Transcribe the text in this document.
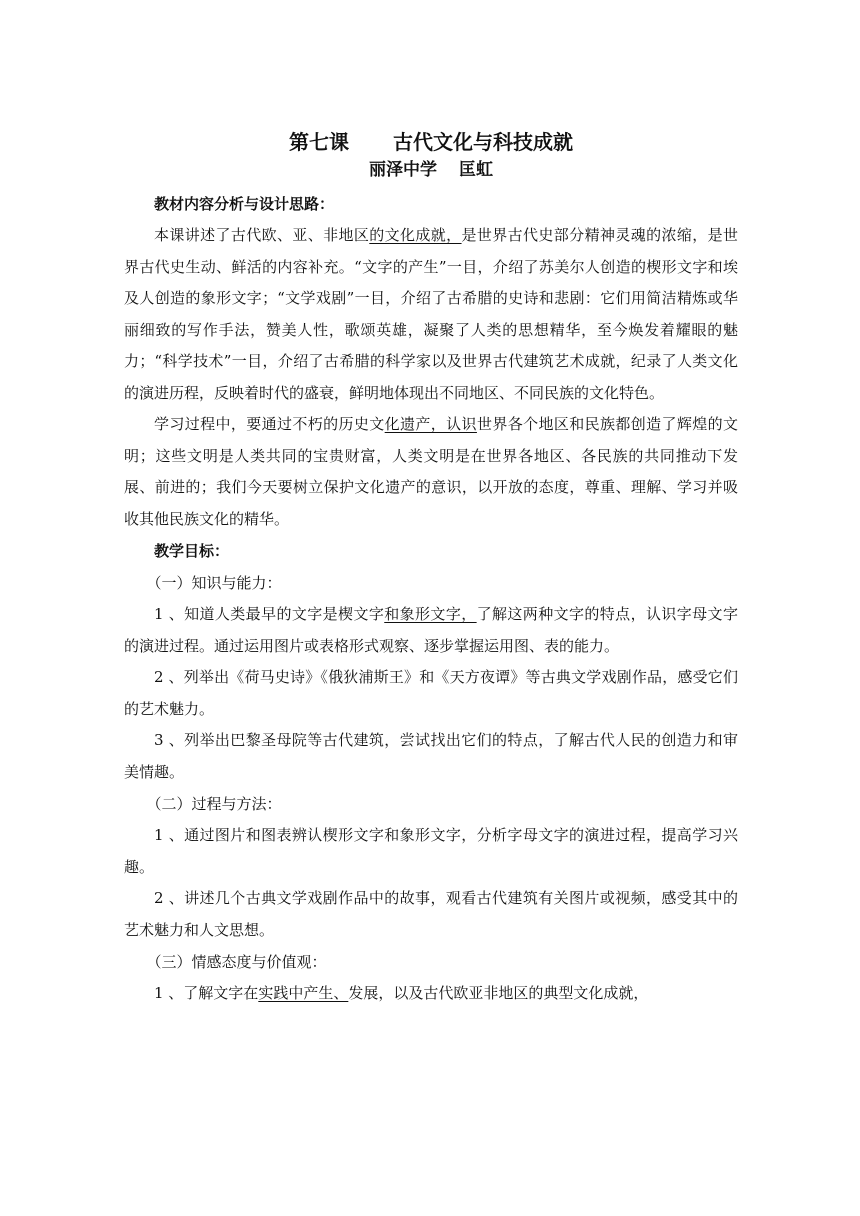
第七课 古代文化与科技成就

丽泽中学 匡虹

教材内容分析与设计思路：

本课讲述了古代欧、亚、非地区的文化成就，是世界古代史部分精神灵魂的浓缩，是世界古代史生动、鲜活的内容补充。“文字的产生”一目，介绍了苏美尔人创造的楔形文字和埃及人创造的象形文字；“文学戏剧”一目，介绍了古希腊的史诗和悲剧：它们用简洁精炼或华丽细致的写作手法，赞美人性，歌颂英雄，凝聚了人类的思想精华，至今焕发着耀眼的魅力；“科学技术”一目，介绍了古希腊的科学家以及世界古代建筑艺术成就，纪录了人类文化的演进历程，反映着时代的盛衰，鲜明地体现出不同地区、不同民族的文化特色。

学习过程中，要通过不朽的历史文化遗产，认识世界各个地区和民族都创造了辉煌的文明；这些文明是人类共同的宝贵财富，人类文明是在世界各地区、各民族的共同推动下发展、前进的；我们今天要树立保护文化遗产的意识，以开放的态度，尊重、理解、学习并吸收其他民族文化的精华。

教学目标：

（一）知识与能力：

1 、知道人类最早的文字是楔文字和象形文字，了解这两种文字的特点，认识字母文字的演进过程。通过运用图片或表格形式观察、逐步掌握运用图、表的能力。

2 、列举出《荷马史诗》《俄狄浦斯王》和《天方夜谭》等古典文学戏剧作品，感受它们的艺术魅力。

3 、列举出巴黎圣母院等古代建筑，尝试找出它们的特点，了解古代人民的创造力和审美情趣。

（二）过程与方法：

1 、通过图片和图表辨认楔形文字和象形文字，分析字母文字的演进过程，提高学习兴趣。

2 、讲述几个古典文学戏剧作品中的故事，观看古代建筑有关图片或视频，感受其中的艺术魅力和人文思想。

（三）情感态度与价值观：

1 、了解文字在实践中产生、发展，以及古代欧亚非地区的典型文化成就，
